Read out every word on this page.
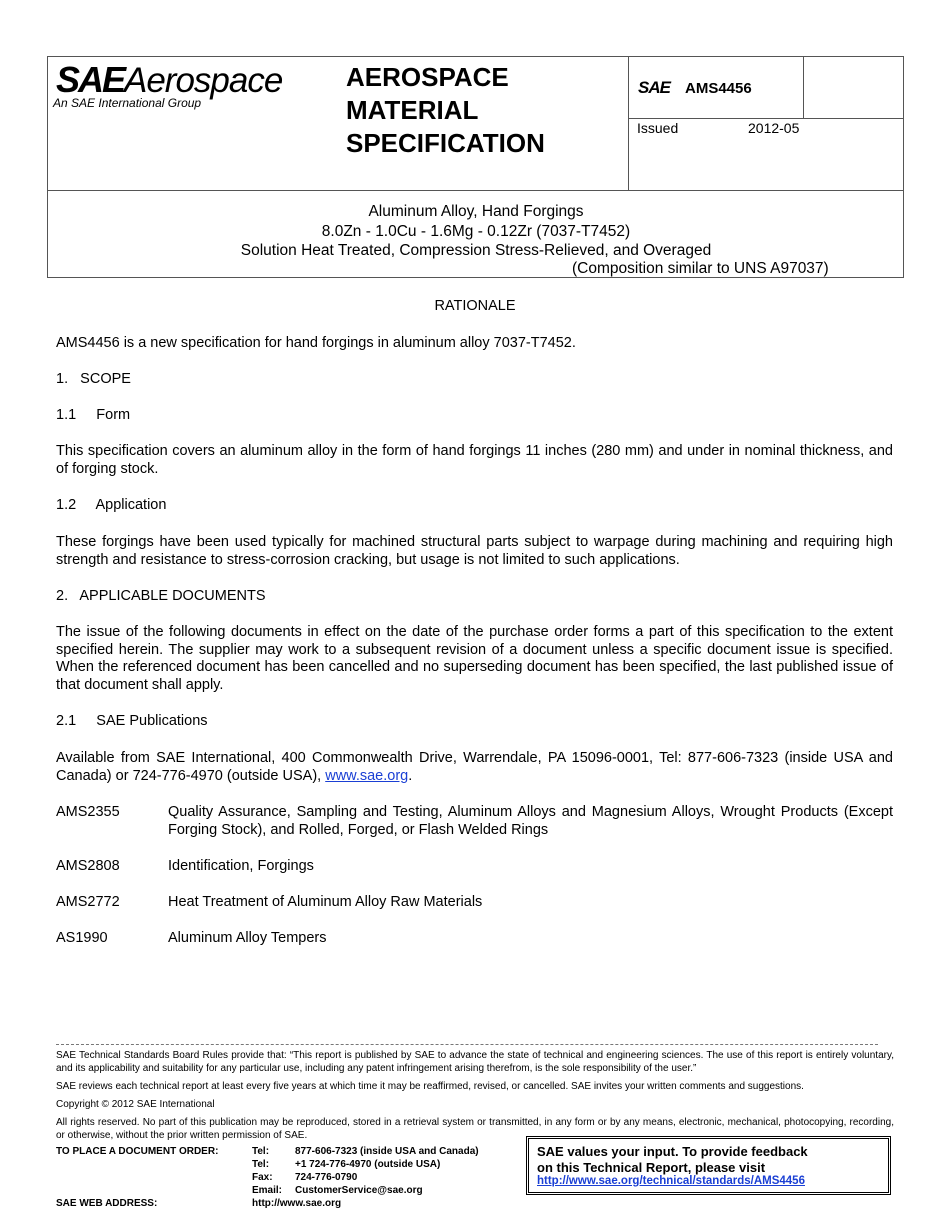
SAE Aerospace
An SAE International Group
AEROSPACE
MATERIAL
SPECIFICATION
SAE AMS4456
Issued	2012-05
Aluminum Alloy, Hand Forgings
8.0Zn - 1.0Cu - 1.6Mg - 0.12Zr (7037-T7452)
Solution Heat Treated, Compression Stress-Relieved, and Overaged
(Composition similar to UNS A97037)
RATIONALE
AMS4456 is a new specification for hand forgings in aluminum alloy 7037-T7452.
1.   SCOPE
1.1     Form
This specification covers an aluminum alloy in the form of hand forgings 11 inches (280 mm) and under in nominal thickness, and of forging stock.
1.2     Application
These forgings have been used typically for machined structural parts subject to warpage during machining and requiring high strength and resistance to stress-corrosion cracking, but usage is not limited to such applications.
2.   APPLICABLE DOCUMENTS
The issue of the following documents in effect on the date of the purchase order forms a part of this specification to the extent specified herein. The supplier may work to a subsequent revision of a document unless a specific document issue is specified. When the referenced document has been cancelled and no superseding document has been specified, the last published issue of that document shall apply.
2.1     SAE Publications
Available from SAE International, 400 Commonwealth Drive, Warrendale, PA 15096-0001, Tel: 877-606-7323 (inside USA and Canada) or 724-776-4970 (outside USA), www.sae.org.
AMS2355	Quality Assurance, Sampling and Testing, Aluminum Alloys and Magnesium Alloys, Wrought Products (Except Forging Stock), and Rolled, Forged, or Flash Welded Rings
AMS2808	Identification, Forgings
AMS2772	Heat Treatment of Aluminum Alloy Raw Materials
AS1990	Aluminum Alloy Tempers
SAE Technical Standards Board Rules provide that: “This report is published by SAE to advance the state of technical and engineering sciences. The use of this report is entirely voluntary, and its applicability and suitability for any particular use, including any patent infringement arising therefrom, is the sole responsibility of the user.”
SAE reviews each technical report at least every five years at which time it may be reaffirmed, revised, or cancelled. SAE invites your written comments and suggestions.
Copyright © 2012 SAE International
All rights reserved. No part of this publication may be reproduced, stored in a retrieval system or transmitted, in any form or by any means, electronic, mechanical, photocopying, recording, or otherwise, without the prior written permission of SAE.
TO PLACE A DOCUMENT ORDER:	Tel:	877-606-7323 (inside USA and Canada)
Tel:	+1 724-776-4970 (outside USA)
Fax: 724-776-0790
Email: CustomerService@sae.org
SAE WEB ADDRESS:	http://www.sae.org
SAE values your input. To provide feedback
on this Technical Report, please visit
http://www.sae.org/technical/standards/AMS4456
